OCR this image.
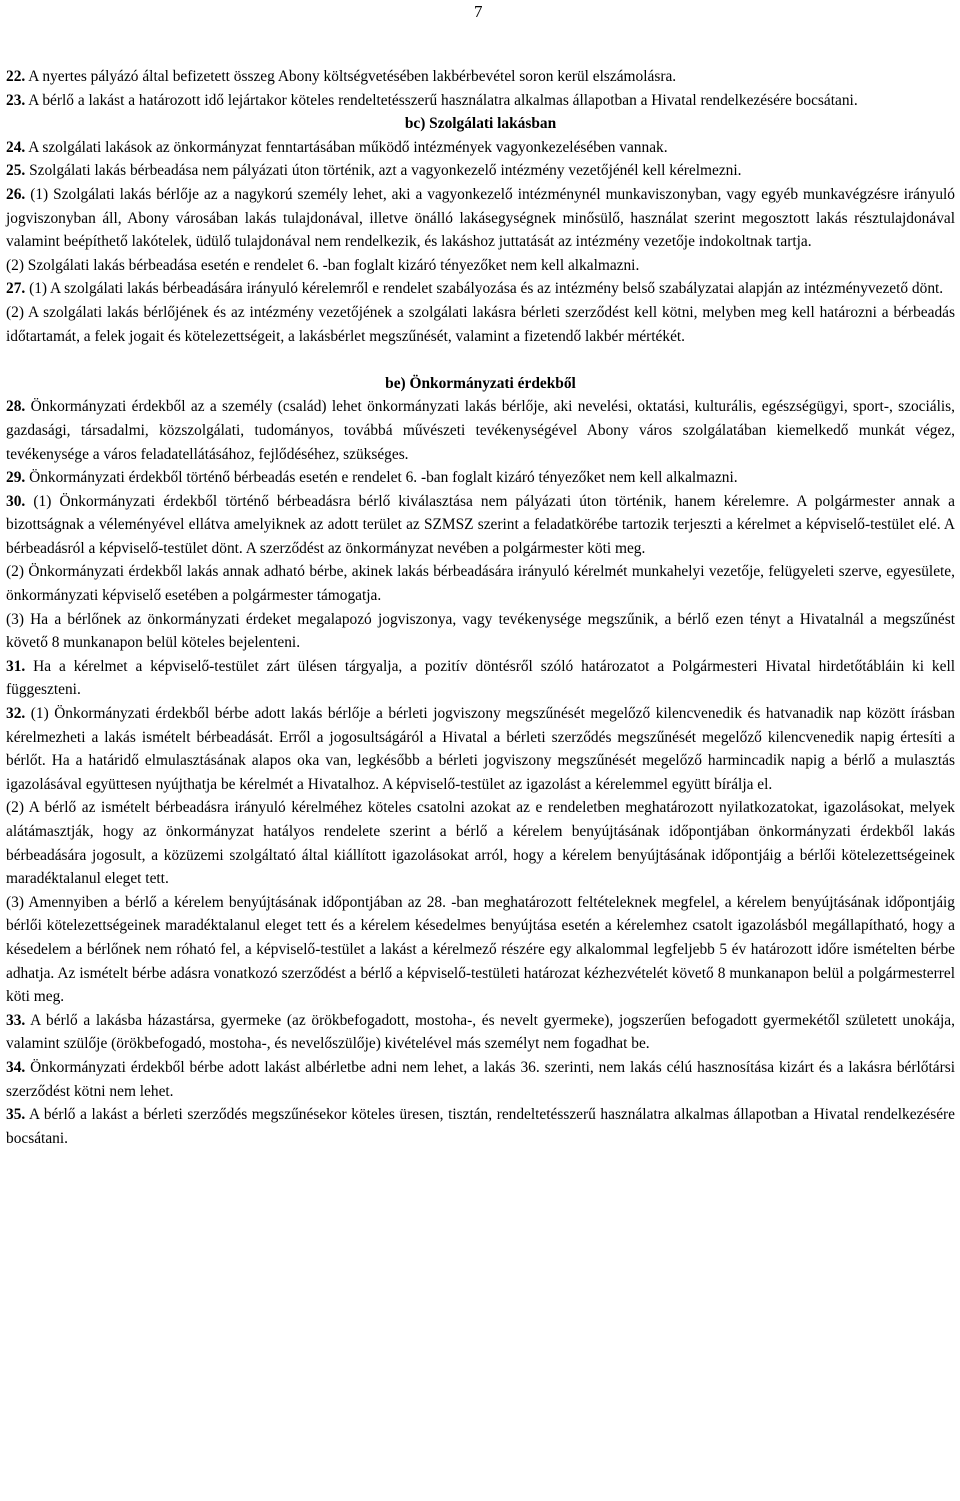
7

22. A nyertes pályázó által befizetett összeg Abony költségvetésében lakbérbevétel soron kerül elszámolásra.

23. A bérlő a lakást a határozott idő lejártakor köteles rendeltetésszerű használatra alkalmas állapotban a Hivatal rendelkezésére bocsátani.

bc) Szolgálati lakásban

24. A szolgálati lakások az önkormányzat fenntartásában működő intézmények vagyonkezelésében vannak.

25. Szolgálati lakás bérbeadása nem pályázati úton történik, azt a vagyonkezelő intézmény vezetőjénél kell kérelmezni.

26. (1) Szolgálati lakás bérlője az a nagykorú személy lehet, aki a vagyonkezelő intézménynél munkaviszonyban, vagy egyéb munkavégzésre irányuló jogviszonyban áll, Abony városában lakás tulajdonával, illetve önálló lakásegységnek minősülő, használat szerint megosztott lakás résztulajdonával valamint beépíthető lakótelek, üdülő tulajdonával nem rendelkezik, és lakáshoz juttatását az intézmény vezetője indokoltnak tartja.

(2) Szolgálati lakás bérbeadása esetén e rendelet 6. -ban foglalt kizáró tényezőket nem kell alkalmazni.

27. (1) A szolgálati lakás bérbeadására irányuló kérelemről e rendelet szabályozása és az intézmény belső szabályzatai alapján az intézményvezető dönt.

(2) A szolgálati lakás bérlőjének és az intézmény vezetőjének a szolgálati lakásra bérleti szerződést kell kötni, melyben meg kell határozni a bérbeadás időtartamát, a felek jogait és kötelezettségeit, a lakásbérlet megszűnését, valamint a fizetendő lakbér mértékét.

be) Önkormányzati érdekből

28. Önkormányzati érdekből az a személy (család) lehet önkormányzati lakás bérlője, aki nevelési, oktatási, kulturális, egészségügyi, sport-, szociális, gazdasági, társadalmi, közszolgálati, tudományos, továbbá művészeti tevékenységével Abony város szolgálatában kiemelkedő munkát végez, tevékenysége a város feladatellátásához, fejlődéséhez, szükséges.

29. Önkormányzati érdekből történő bérbeadás esetén e rendelet 6. -ban foglalt kizáró tényezőket nem kell alkalmazni.

30. (1) Önkormányzati érdekből történő bérbeadásra bérlő kiválasztása nem pályázati úton történik, hanem kérelemre. A polgármester annak a bizottságnak a véleményével ellátva amelyiknek az adott terület az SZMSZ szerint a feladatkörébe tartozik terjeszti a kérelmet a képviselő-testület elé. A bérbeadásról a képviselő-testület dönt. A szerződést az önkormányzat nevében a polgármester köti meg.

(2) Önkormányzati érdekből lakás annak adható bérbe, akinek lakás bérbeadására irányuló kérelmét munkahelyi vezetője, felügyeleti szerve, egyesülete, önkormányzati képviselő esetében a polgármester támogatja.

(3) Ha a bérlőnek az önkormányzati érdeket megalapozó jogviszonya, vagy tevékenysége megszűnik, a bérlő ezen tényt a Hivatalnál a megszűnést követő 8 munkanapon belül köteles bejelenteni.

31. Ha a kérelmet a képviselő-testület zárt ülésen tárgyalja, a pozitív döntésről szóló határozatot a Polgármesteri Hivatal hirdetőtábláin ki kell függeszteni.

32. (1) Önkormányzati érdekből bérbe adott lakás bérlője a bérleti jogviszony megszűnését megelőző kilencvenedik és hatvanadik nap között írásban kérelmezheti a lakás ismételt bérbeadását. Erről a jogosultságáról a Hivatal a bérleti szerződés megszűnését megelőző kilencvenedik napig értesíti a bérlőt. Ha a határidő elmulasztásának alapos oka van, legkésőbb a bérleti jogviszony megszűnését megelőző harmincadik napig a bérlő a mulasztás igazolásával együttesen nyújthatja be kérelmét a Hivatalhoz. A képviselő-testület az igazolást a kérelemmel együtt bírálja el.

(2) A bérlő az ismételt bérbeadásra irányuló kérelméhez köteles csatolni azokat az e rendeletben meghatározott nyilatkozatokat, igazolásokat, melyek alátámasztják, hogy az önkormányzat hatályos rendelete szerint a bérlő a kérelem benyújtásának időpontjában önkormányzati érdekből lakás bérbeadására jogosult, a közüzemi szolgáltató által kiállított igazolásokat arról, hogy a kérelem benyújtásának időpontjáig a bérlői kötelezettségeinek maradéktalanul eleget tett.

(3) Amennyiben a bérlő a kérelem benyújtásának időpontjában az 28. -ban meghatározott feltételeknek megfelel, a kérelem benyújtásának időpontjáig bérlői kötelezettségeinek maradéktalanul eleget tett és a kérelem késedelmes benyújtása esetén a kérelemhez csatolt igazolásból megállapítható, hogy a késedelem a bérlőnek nem róható fel, a képviselő-testület a lakást a kérelmező részére egy alkalommal legfeljebb 5 év határozott időre ismételten bérbe adhatja. Az ismételt bérbe adásra vonatkozó szerződést a bérlő a képviselő-testületi határozat kézhezvételét követő 8 munkanapon belül a polgármesterrel köti meg.

33. A bérlő a lakásba házastársa, gyermeke (az örökbefogadott, mostoha-, és nevelt gyermeke), jogszerűen befogadott gyermekétől született unokája, valamint szülője (örökbefogadó, mostoha-, és nevelőszülője) kivételével más személyt nem fogadhat be.

34. Önkormányzati érdekből bérbe adott lakást albérletbe adni nem lehet, a lakás 36. szerinti, nem lakás célú hasznosítása kizárt és a lakásra bérlőtársi szerződést kötni nem lehet.

35. A bérlő a lakást a bérleti szerződés megszűnésekor köteles üresen, tisztán, rendeltetésszerű használatra alkalmas állapotban a Hivatal rendelkezésére bocsátani.
